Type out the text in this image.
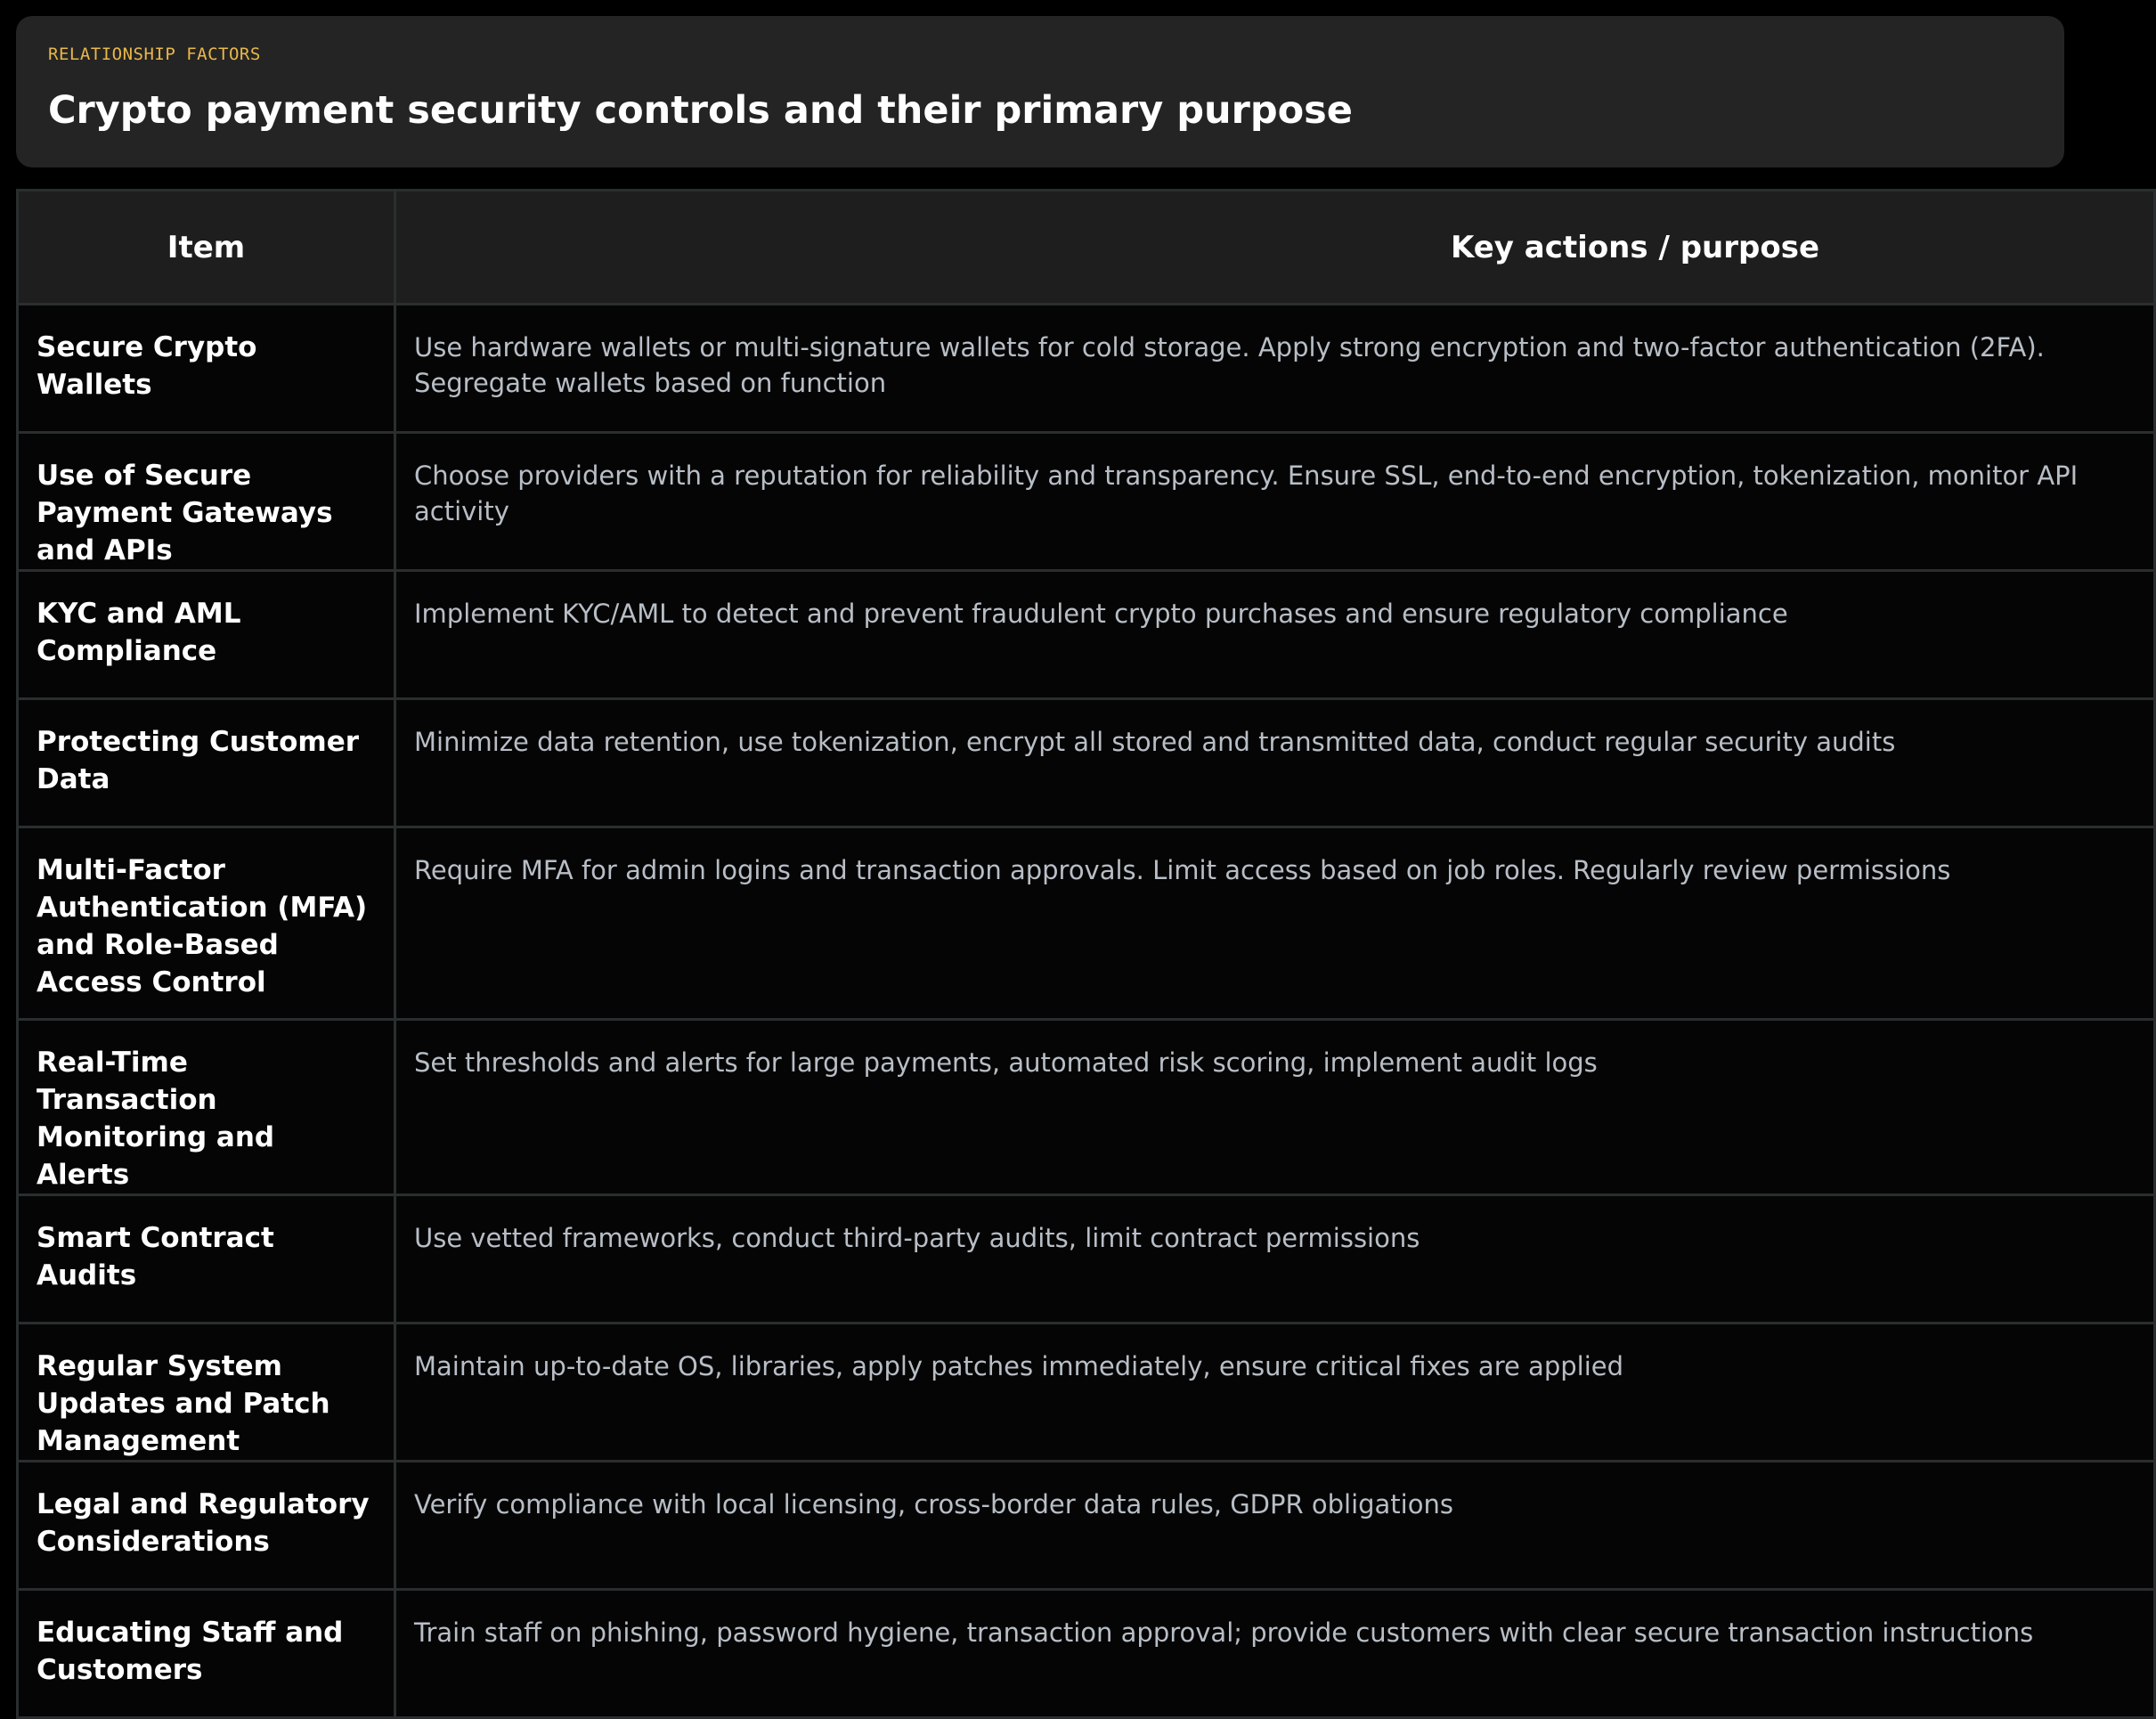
RELATIONSHIP FACTORS
Crypto payment security controls and their primary purpose
Item	Key actions / purpose
Secure Crypto Wallets	Use hardware wallets or multi-signature wallets for cold storage. Apply strong encryption and two-factor authentication (2FA). Segregate wallets based on function
Use of Secure Payment Gateways and APIs	Choose providers with a reputation for reliability and transparency. Ensure SSL, end-to-end encryption, tokenization, monitor API activity
KYC and AML Compliance	Implement KYC/AML to detect and prevent fraudulent crypto purchases and ensure regulatory compliance
Protecting Customer Data	Minimize data retention, use tokenization, encrypt all stored and transmitted data, conduct regular security audits
Multi-Factor Authentication (MFA) and Role-Based Access Control	Require MFA for admin logins and transaction approvals. Limit access based on job roles. Regularly review permissions
Real-Time Transaction Monitoring and Alerts	Set thresholds and alerts for large payments, automated risk scoring, implement audit logs
Smart Contract Audits	Use vetted frameworks, conduct third-party audits, limit contract permissions
Regular System Updates and Patch Management	Maintain up-to-date OS, libraries, apply patches immediately, ensure critical fixes are applied
Legal and Regulatory Considerations	Verify compliance with local licensing, cross-border data rules, GDPR obligations
Educating Staff and Customers	Train staff on phishing, password hygiene, transaction approval; provide customers with clear secure transaction instructions
